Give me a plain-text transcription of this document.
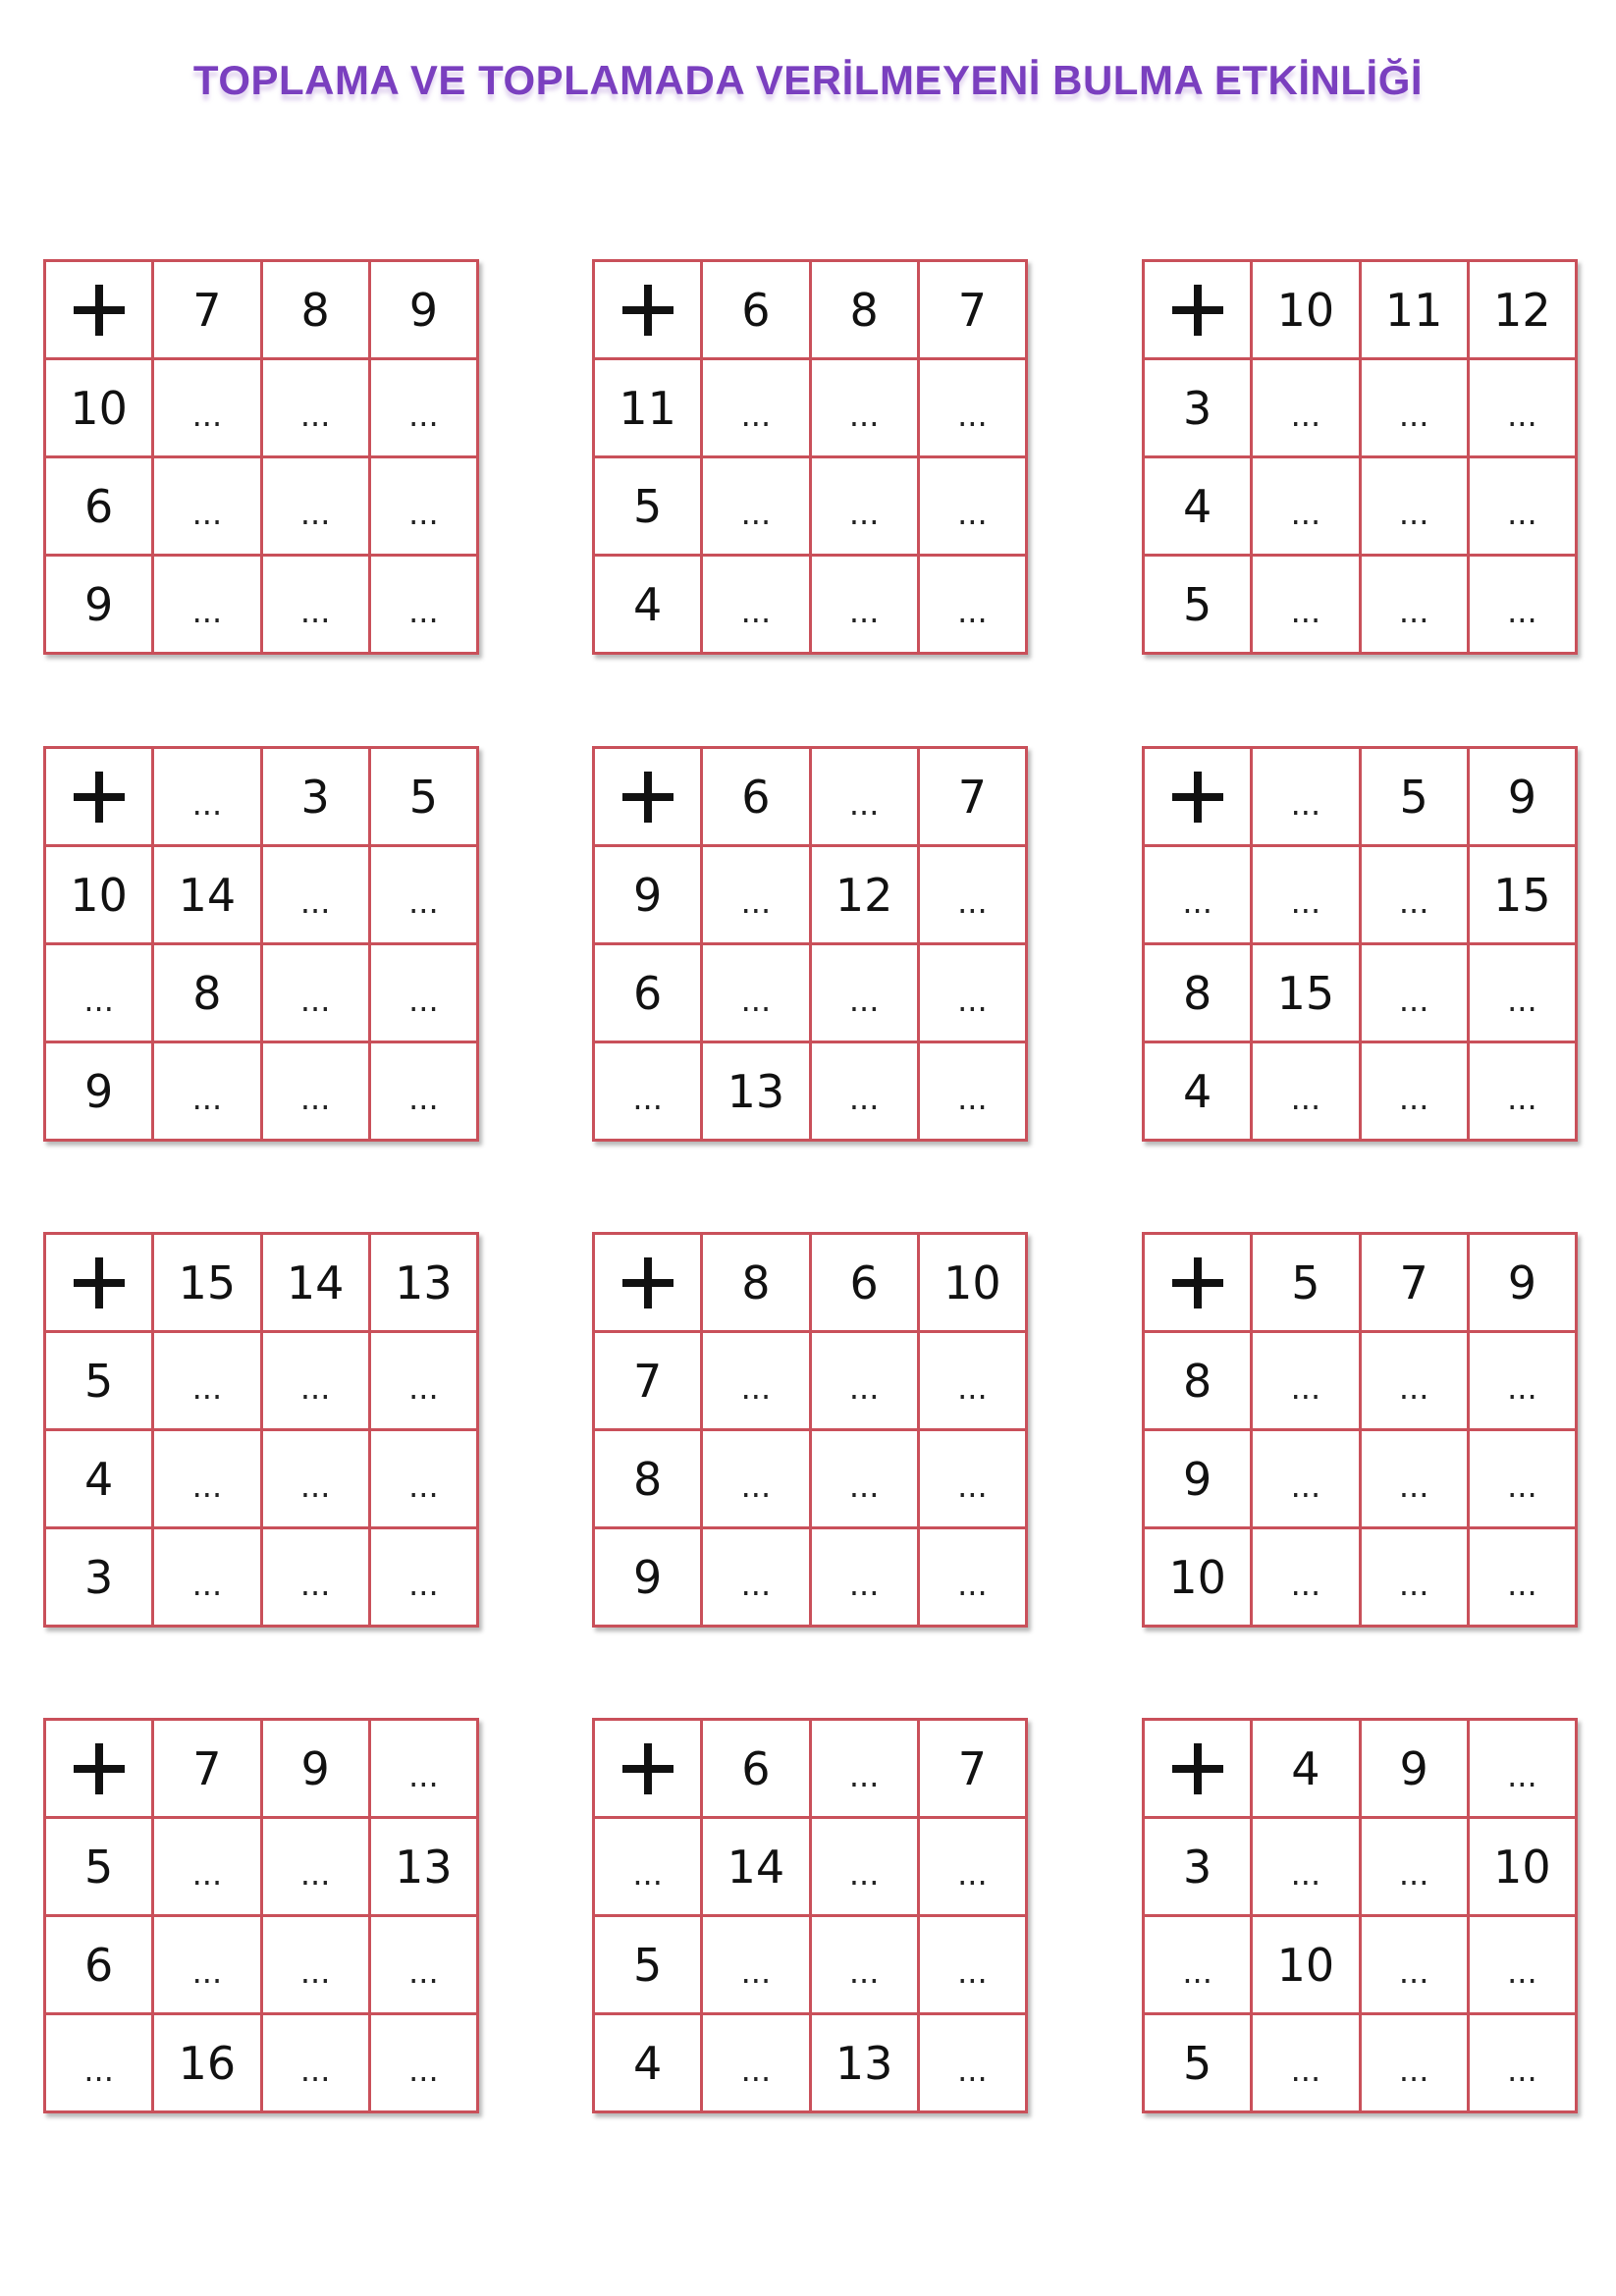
TOPLAMA VE TOPLAMADA VERİLMEYENİ BULMA ETKİNLİĞİ
7	8	9
10	...	...	...
6	...	...	...
9	...	...	...
6	8	7
11	...	...	...
5	...	...	...
4	...	...	...
10	11	12
3	...	...	...
4	...	...	...
5	...	...	...
...	3	5
10	14	...	...
...	8	...	...
9	...	...	...
6	...	7
9	...	12	...
6	...	...	...
...	13	...	...
...	5	9
...	...	...	15
8	15	...	...
4	...	...	...
15	14	13
5	...	...	...
4	...	...	...
3	...	...	...
8	6	10
7	...	...	...
8	...	...	...
9	...	...	...
5	7	9
8	...	...	...
9	...	...	...
10	...	...	...
7	9	...
5	...	...	13
6	...	...	...
...	16	...	...
6	...	7
...	14	...	...
5	...	...	...
4	...	13	...
4	9	...
3	...	...	10
...	10	...	...
5	...	...	...
